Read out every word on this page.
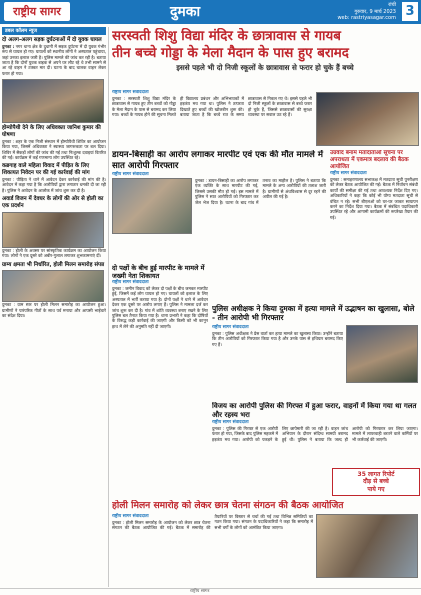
राष्ट्रीय सागर	दुमका	रांची
गुरुवार, 9 मार्च 2023
web: rastriyasagar.com 3
डबल कॉलम न्यूज
दो अलग-अलग सड़क दुर्घटनाओं में दो युवक घायल
दुमका : नगर थाना क्षेत्र के दुधानी में सड़क दुर्घटना में दो युवक गंभीर रूप से घायल हो गए। घायलों को स्थानीय लोगों ने अस्पताल पहुंचाया, जहां उनका इलाज जारी है। पुलिस मामले की जांच कर रही है। बताया जाता है कि दोनों युवक बाइक से अपने घर लौट रहे थे तभी सामने से आ रहे वाहन ने टक्कर मार दी। घटना के बाद चालक वाहन लेकर फरार हो गया।
होम्योपैथी देने के लिए अधिवक्ता जानिश कुमार की घोषणा
दुमका : शहर के एक निजी संस्थान में होम्योपैथी शिविर का आयोजन किया गया, जिसमें अधिवक्ता ने स्वास्थ्य जागरूकता पर बल दिया। शिविर में सैकड़ों लोगों की जांच की गई तथा निःशुल्क दवाइयां वितरित की गईं। कार्यक्रम में कई गणमान्य लोग उपस्थित रहे।
कब्रगाह वाले महिला विवाद में पीड़ित के लिए शिकायत निवेदन पर की गई कार्रवाई की मांग
दुमका : पीड़िता ने थाने में आवेदन देकर कार्रवाई की मांग की है। आवेदन में कहा गया है कि आरोपियों द्वारा लगातार धमकी दी जा रही है। पुलिस ने आवेदन के आलोक में जांच शुरू कर दी है।
अवार्ड विजन में देवघर के लोगों की ओर से होली का एक प्रदर्शन
दुमका : होली के अवसर पर सांस्कृतिक कार्यक्रम का आयोजन किया गया। लोगों ने एक दूसरे को अबीर-गुलाल लगाकर शुभकामनाएं दीं।
ग्राम्य क्षमता भी निर्धारित, होली मिलन समारोह संपन्न
दुमका : ग्राम स्तर पर होली मिलन समारोह का आयोजन हुआ। ग्रामीणों ने पारंपरिक गीतों के साथ पर्व मनाया और आपसी भाईचारे का संदेश दिया।
सरस्वती शिशु विद्या मंदिर के छात्रावास से गायब
तीन बच्चे गोड्डा के मेला मैदान के पास हुए बरामद
इससे पहले भी दो निजी स्कूलों के छात्रावास से फरार हो चुके हैं बच्चे
राष्ट्रीय सागर संवाददाता
दुमका : सरस्वती शिशु विद्या मंदिर के छात्रावास से गायब हुए तीन बच्चों को गोड्डा के मेला मैदान के पास से बरामद कर लिया गया। बच्चों के गायब होने की सूचना मिलते ही विद्यालय प्रबंधन और अभिभावकों में हड़कंप मच गया था। पुलिस ने तत्परता दिखाते हुए बच्चों की खोजबीन शुरू की। बताया जाता है कि बच्चे रात के समय छात्रावास से निकल गए थे। इससे पहले भी दो निजी स्कूलों के छात्रावास से बच्चे फरार हो चुके हैं, जिससे छात्रावासों की सुरक्षा व्यवस्था पर सवाल उठ रहे हैं।
डायन-बिसाही का आरोप लगाकर मारपीट एवं एक की मौत मामले में सात आरोपी गिरफ्तार
राष्ट्रीय सागर संवाददाता
दुमका : डायन-बिसाही का आरोप लगाकर एक व्यक्ति के साथ मारपीट की गई, जिससे उसकी मौत हो गई। इस मामले में पुलिस ने सात आरोपियों को गिरफ्तार कर जेल भेज दिया है। घटना के बाद गांव में तनाव का माहौल है। पुलिस ने बताया कि मामले के अन्य आरोपियों की तलाश जारी है। ग्रामीणों से अंधविश्वास से दूर रहने की अपील की गई है।
उग्रवाद बनाम मतादाताओं सूचना पर अपराधता में एकमात्र बदलाव की बैठक आयोजित
राष्ट्रीय सागर संवाददाता
दुमका : समाहरणालय सभाकक्ष में मतदाता सूची पुनरीक्षण को लेकर बैठक आयोजित की गई। बैठक में निर्वाचन संबंधी कार्यों की समीक्षा की गई तथा आवश्यक निर्देश दिए गए। अधिकारियों ने कहा कि कोई भी योग्य मतदाता सूची से वंचित न रहे। सभी बीएलओ को घर-घर जाकर सत्यापन करने का निर्देश दिया गया। बैठक में संबंधित पदाधिकारी उपस्थित रहे और आगामी कार्यक्रमों की रूपरेखा तैयार की गई।
दो पक्षों के बीच हुई मारपीट के मामले में जख्मी नेता शिकायत
राष्ट्रीय सागर संवाददाता
दुमका : जमीन विवाद को लेकर दो पक्षों के बीच जमकर मारपीट हुई, जिसमें कई लोग घायल हो गए। घायलों को इलाज के लिए अस्पताल में भर्ती कराया गया है। दोनों पक्षों ने थाने में आवेदन देकर एक दूसरे पर आरोप लगाए हैं। पुलिस ने मामला दर्ज कर जांच शुरू कर दी है। गांव में शांति व्यवस्था बनाए रखने के लिए पुलिस बल तैनात किया गया है। थाना प्रभारी ने कहा कि दोषियों के विरुद्ध कड़ी कार्रवाई की जाएगी और किसी को भी कानून हाथ में लेने की अनुमति नहीं दी जाएगी।
पुलिस अधीक्षक ने किया दुमका में हत्या मामले में उद्भाषन का खुलासा, बोले - तीन आरोपी भी गिरफ्तार
राष्ट्रीय सागर संवाददाता
दुमका : पुलिस अधीक्षक ने प्रेस वार्ता कर हत्या मामले का खुलासा किया। उन्होंने बताया कि तीन आरोपियों को गिरफ्तार किया गया है और उनके पास से हथियार बरामद किए गए हैं।
विजय का आरोपी पुलिस की गिरफ्त में हुआ फरार, वाहनों में किया गया था गलत और रहस्य भरा
राष्ट्रीय सागर संवाददाता
दुमका : पुलिस की गिरफ्त से एक आरोपी फरार हो गया, जिसके बाद पुलिस महकमे में हड़कंप मच गया। आरोपी को पकड़ने के लिए छापेमारी की जा रही है। वाहन जांच अभियान के दौरान संदिग्ध सामग्री बरामद हुई थी। पुलिस ने बताया कि जल्द ही आरोपी को गिरफ्तार कर लिया जाएगा। मामले में लापरवाही बरतने वाले कर्मियों पर भी कार्रवाई की जाएगी।
35 लागत रिपोर्ट
दौड़ से बच्चे
पाये गए
होली मिलन समारोह को लेकर छात्र चेतना संगठन की बैठक आयोजित
राष्ट्रीय सागर संवाददाता
दुमका : होली मिलन समारोह के आयोजन को लेकर छात्र चेतना संगठन की बैठक आयोजित की गई। बैठक में समारोह की तैयारियों पर विस्तार से चर्चा की गई तथा विभिन्न समितियों का गठन किया गया। संगठन के पदाधिकारियों ने कहा कि समारोह में सभी वर्गों के लोगों को आमंत्रित किया जाएगा।
राष्ट्रीय सागर
